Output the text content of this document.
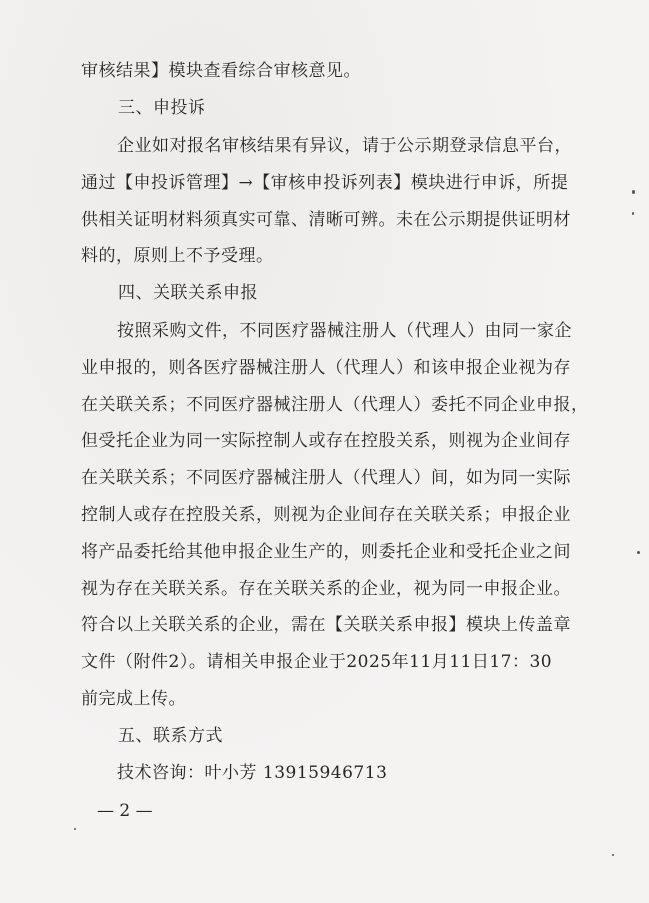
审核结果】模块查看综合审核意见。
三、申投诉
企业如对报名审核结果有异议，请于公示期登录信息平台，
通过【申投诉管理】→【审核申投诉列表】模块进行申诉，所提
供相关证明材料须真实可靠、清晰可辨。未在公示期提供证明材
料的，原则上不予受理。
四、关联关系申报
按照采购文件，不同医疗器械注册人（代理人）由同一家企
业申报的，则各医疗器械注册人（代理人）和该申报企业视为存
在关联关系；不同医疗器械注册人（代理人）委托不同企业申报，
但受托企业为同一实际控制人或存在控股关系，则视为企业间存
在关联关系；不同医疗器械注册人（代理人）间，如为同一实际
控制人或存在控股关系，则视为企业间存在关联关系；申报企业
将产品委托给其他申报企业生产的，则委托企业和受托企业之间
视为存在关联关系。存在关联关系的企业，视为同一申报企业。
符合以上关联关系的企业，需在【关联关系申报】模块上传盖章
文件（附件2）。请相关申报企业于2025年11月11日17：30
前完成上传。
五、联系方式
技术咨询：叶小芳 13915946713
— 2 —
